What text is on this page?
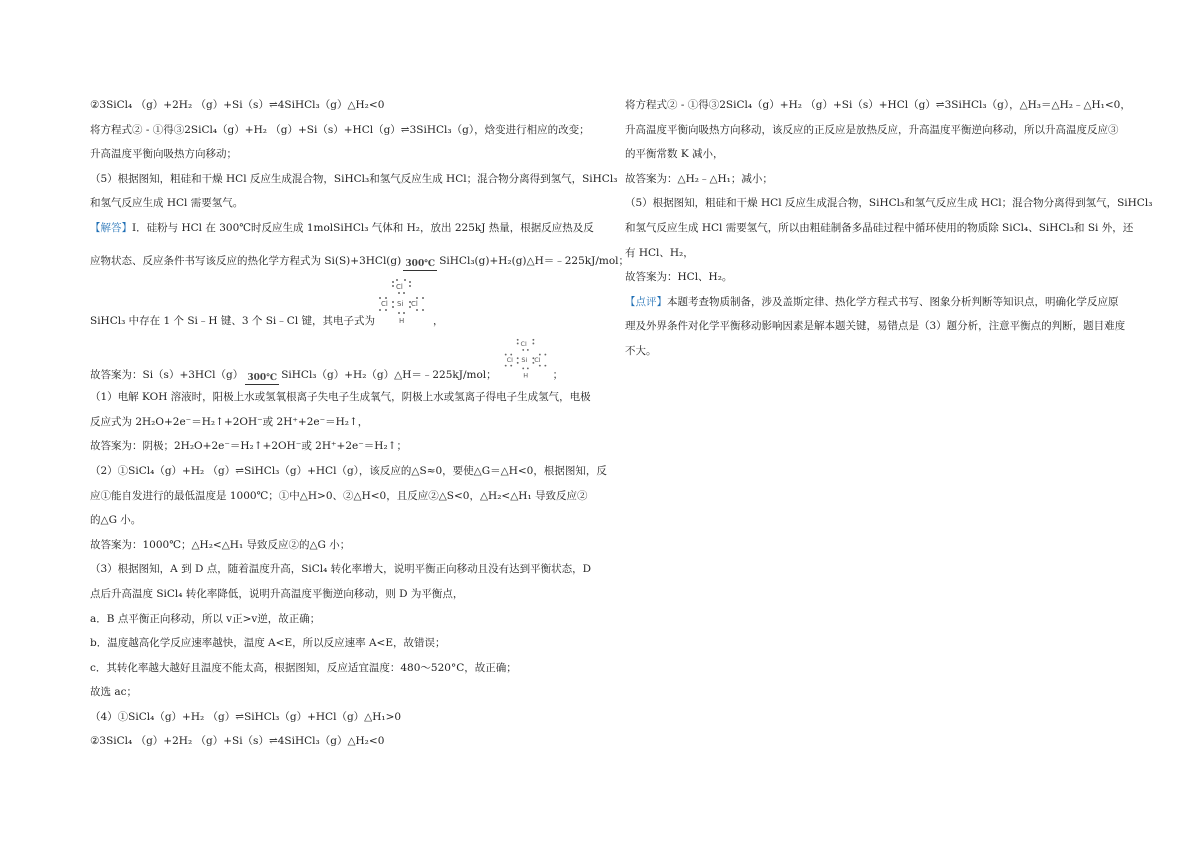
②3SiCl₄ （g）+2H₂ （g）+Si（s）⇌4SiHCl₃（g）△H₂<0
将方程式② - ①得③2SiCl₄（g）+H₂ （g）+Si（s）+HCl（g）⇌3SiHCl₃（g），焓变进行相应的改变；
升高温度平衡向吸热方向移动；
（5）根据图知，粗硅和干燥 HCl 反应生成混合物，SiHCl₃和氢气反应生成 HCl；混合物分离得到氢气，SiHCl₃
和氢气反应生成 HCl 需要氢气。
【解答】Ⅰ．硅粉与 HCl 在 300℃时反应生成 1molSiHCl₃ 气体和 H₂，放出 225kJ 热量，根据反应热及反
应物状态、反应条件书写该反应的热化学方程式为 Si(S)+3HCl(g) 300℃ SiHCl₃(g)+H₂(g)△H＝﹣225kJ/mol；
SiHCl₃ 中存在 1 个 Si﹣H 键、3 个 Si﹣Cl 键，其电子式为
Cl
Cl Si Cl
H	，
故答案为：Si（s）+3HCl（g） 300℃ SiHCl₃（g）+H₂（g）△H＝﹣225kJ/mol；
Cl
Cl Si Cl
H ；
（1）电解 KOH 溶液时，阳极上水或氢氧根离子失电子生成氧气，阴极上水或氢离子得电子生成氢气，电极
反应式为 2H₂O+2e⁻＝H₂↑+2OH⁻或 2H⁺+2e⁻＝H₂↑，
故答案为：阴极；2H₂O+2e⁻＝H₂↑+2OH⁻或 2H⁺+2e⁻＝H₂↑；
（2）①SiCl₄（g）+H₂ （g）⇌SiHCl₃（g）+HCl（g），该反应的△S≈0，要使△G＝△H<0，根据图知，反
应①能自发进行的最低温度是 1000℃；①中△H>0、②△H<0，且反应②△S<0，△H₂<△H₁ 导致反应②
的△G 小。
故答案为：1000℃；△H₂<△H₁ 导致反应②的△G 小；
（3）根据图知，A 到 D 点，随着温度升高，SiCl₄ 转化率增大，说明平衡正向移动且没有达到平衡状态，D
点后升高温度 SiCl₄ 转化率降低，说明升高温度平衡逆向移动，则 D 为平衡点，
a．B 点平衡正向移动，所以 v正>v逆，故正确；
b．温度越高化学反应速率越快，温度 A<E，所以反应速率 A<E，故错误；
c．其转化率越大越好且温度不能太高，根据图知，反应适宜温度：480～520°C，故正确；
故选 ac；
（4）①SiCl₄（g）+H₂ （g）⇌SiHCl₃（g）+HCl（g）△H₁>0
②3SiCl₄ （g）+2H₂ （g）+Si（s）⇌4SiHCl₃（g）△H₂<0
将方程式② - ①得③2SiCl₄（g）+H₂ （g）+Si（s）+HCl（g）⇌3SiHCl₃（g），△H₃＝△H₂﹣△H₁<0，
升高温度平衡向吸热方向移动，该反应的正反应是放热反应，升高温度平衡逆向移动，所以升高温度反应③
的平衡常数 K 减小，
故答案为：△H₂﹣△H₁；减小；
（5）根据图知，粗硅和干燥 HCl 反应生成混合物，SiHCl₃和氢气反应生成 HCl；混合物分离得到氢气，SiHCl₃
和氢气反应生成 HCl 需要氢气，所以由粗硅制备多晶硅过程中循环使用的物质除 SiCl₄、SiHCl₃和 Si 外，还
有 HCl、H₂，
故答案为：HCl、H₂。
【点评】本题考查物质制备，涉及盖斯定律、热化学方程式书写、图象分析判断等知识点，明确化学反应原
理及外界条件对化学平衡移动影响因素是解本题关键，易错点是（3）题分析，注意平衡点的判断，题目难度
不大。
